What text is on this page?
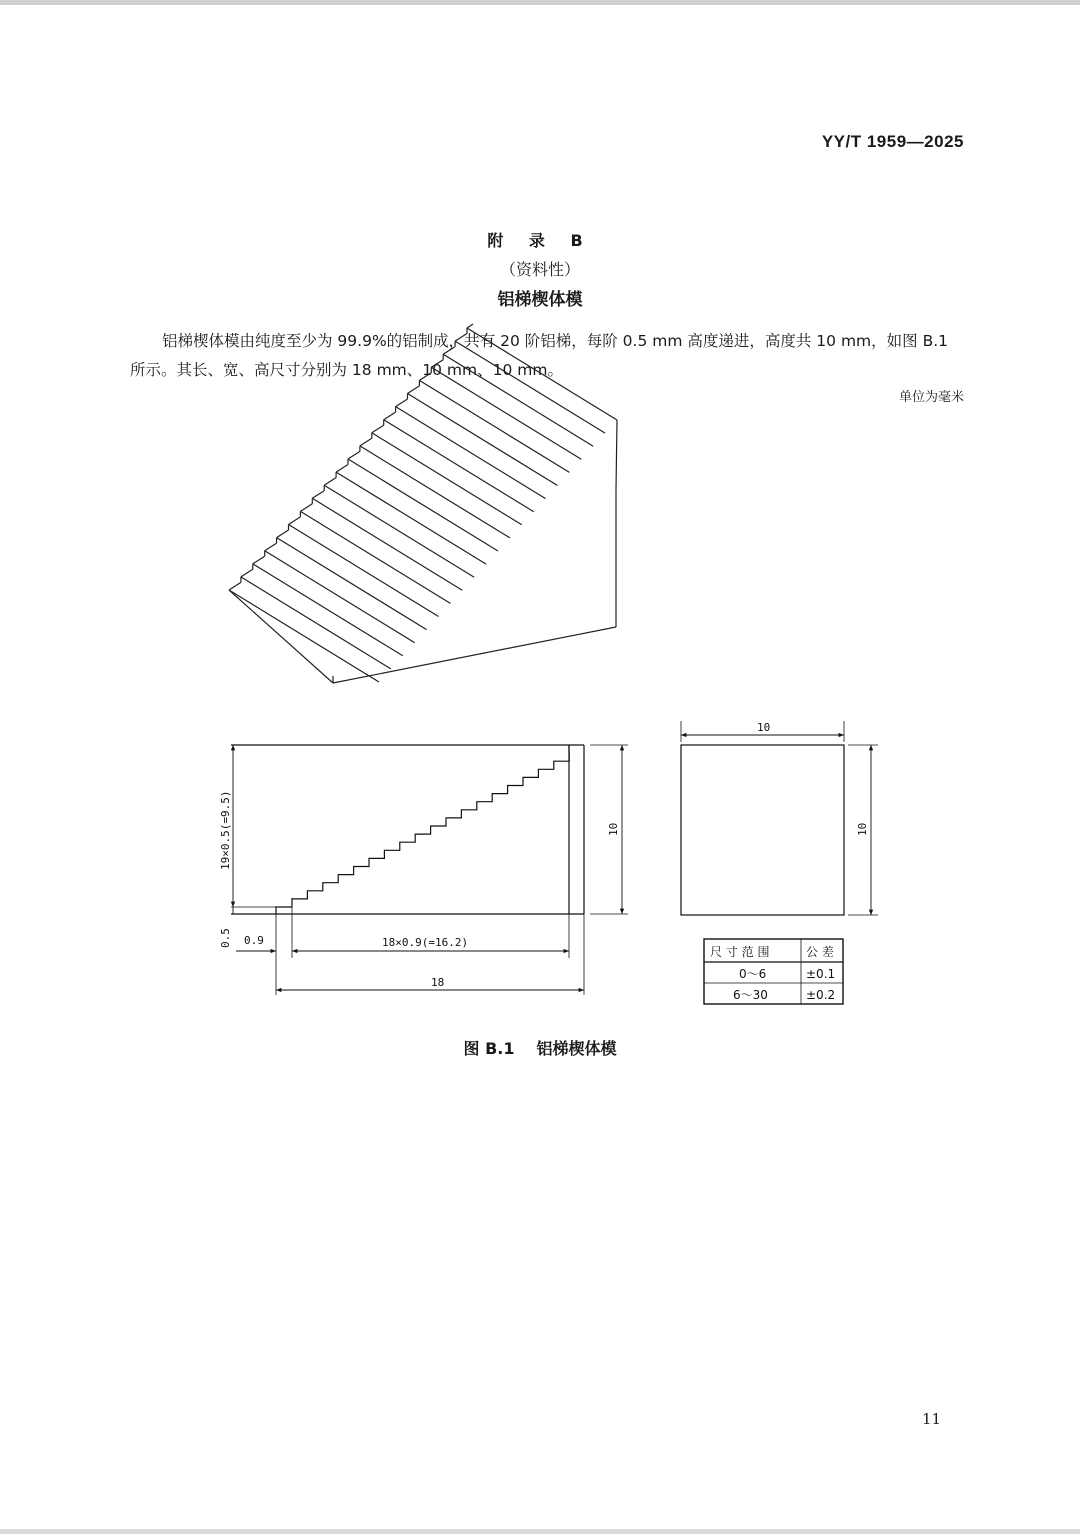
YY/T 1959—2025
附 录 B
（资料性）
铝梯楔体模
铝梯楔体模由纯度至少为 99.9%的铝制成，共有 20 阶铝梯，每阶 0.5 mm 高度递进，高度共 10 mm，如图 B.1 所示。其长、宽、高尺寸分别为 18 mm、10 mm、10 mm。
单位为毫米
19×0.5(=9.5)
0.5 0.9	18×0.9(=16.2)
18
10
10
10
尺 寸 范 围	公 差
0～6	±0.1
6～30	±0.2
图 B.1 铝梯楔体模
11
